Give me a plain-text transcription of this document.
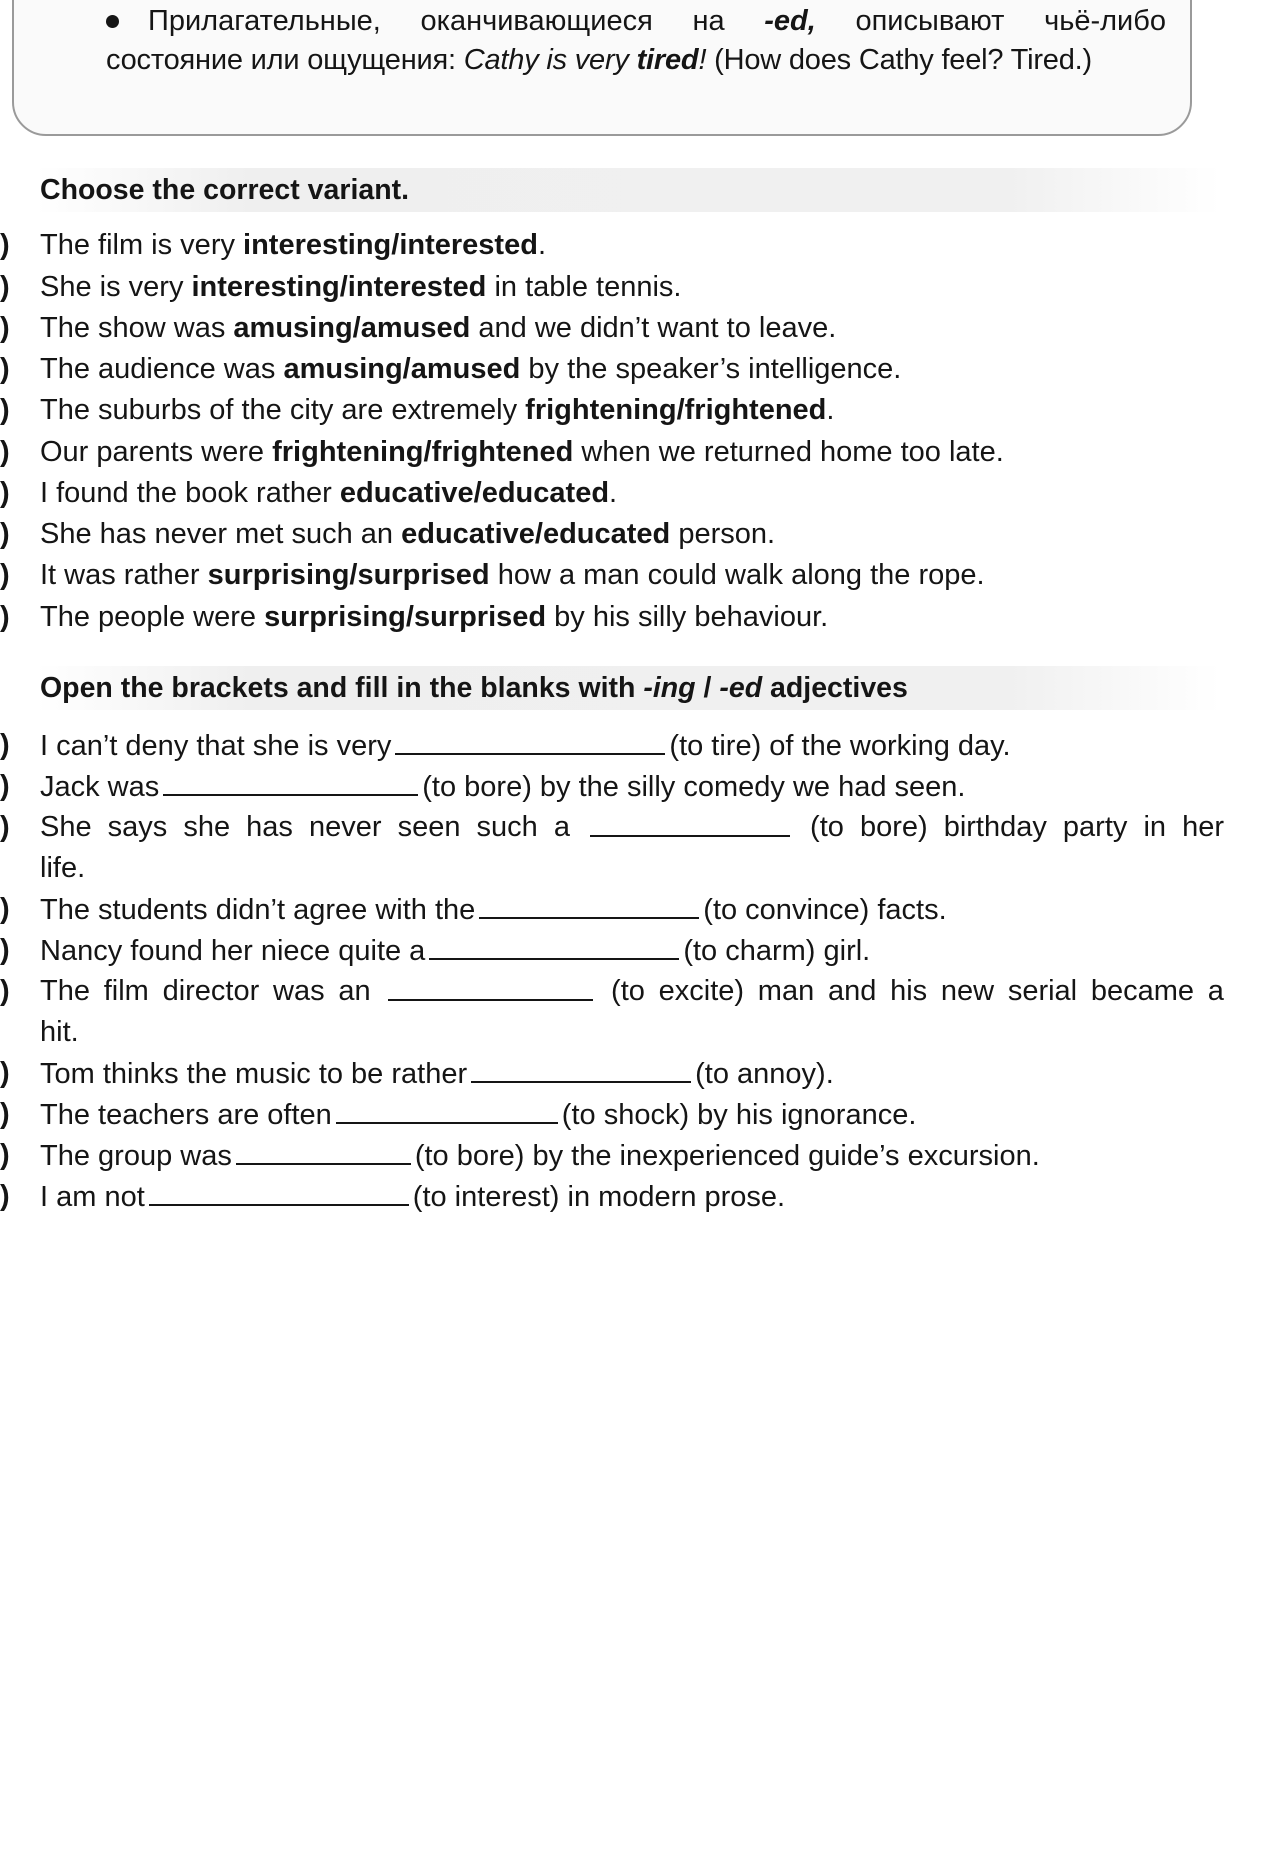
Прилагательные, оканчивающиеся на -ed, описывают чьё-либо
состояние или ощущения: Cathy is very tired! (How does Cathy feel? Tired.)
Choose the correct variant.
) The film is very interesting/interested.
) She is very interesting/interested in table tennis.
) The show was amusing/amused and we didn’t want to leave.
) The audience was amusing/amused by the speaker’s intelligence.
) The suburbs of the city are extremely frightening/frightened.
) Our parents were frightening/frightened when we returned home too late.
) I found the book rather educative/educated.
) She has never met such an educative/educated person.
) It was rather surprising/surprised how a man could walk along the rope.
) The people were surprising/surprised by his silly behaviour.
Open the brackets and fill in the blanks with -ing / -ed adjectives
) I can’t deny that she is very	(to tire) of the working day.
) Jack was	(to bore) by the silly comedy we had seen.
) She says she has never seen such a	(to bore) birthday party in her
life.
) The students didn’t agree with the	(to convince) facts.
) Nancy found her niece quite a	(to charm) girl.
) The film director was an	(to excite) man and his new serial became a
hit.
) Tom thinks the music to be rather	(to annoy).
) The teachers are often	(to shock) by his ignorance.
) The group was	(to bore) by the inexperienced guide’s excursion.
) I am not	(to interest) in modern prose.
